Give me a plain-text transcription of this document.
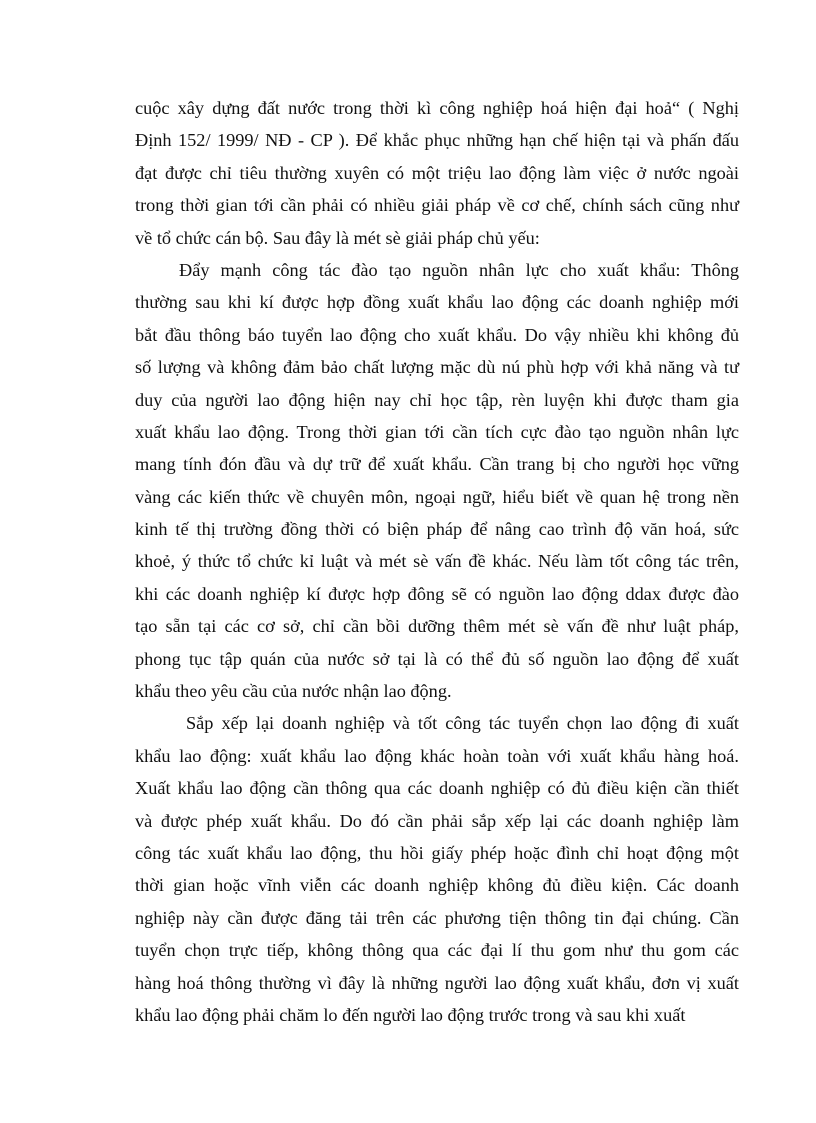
cuộc xây dựng đất nước trong thời kì công nghiệp hoá hiện đại hoả“ ( Nghị
Định 152/ 1999/ NĐ - CP ). Để khắc phục những hạn chế hiện tại và phấn đấu
đạt được chỉ tiêu thường xuyên có một triệu lao động làm việc ở nước ngoài
trong thời gian tới cần phải có nhiều giải pháp về cơ chế, chính sách cũng như
về tổ chức cán bộ. Sau đây là mét sè giải pháp chủ yếu:
Đẩy mạnh công tác đào tạo nguồn nhân lực cho xuất khẩu: Thông
thường sau khi kí được hợp đồng xuất khẩu lao động các doanh nghiệp mới
bắt đầu thông báo tuyển lao động cho xuất khẩu. Do vậy nhiều khi không đủ
số lượng và không đảm bảo chất lượng mặc dù nú phù hợp với khả năng và tư
duy của người lao động hiện nay chỉ học tập, rèn luyện khi được tham gia
xuất khẩu lao động. Trong thời gian tới cần tích cực đào tạo nguồn nhân lực
mang tính đón đầu và dự trữ để xuất khẩu. Cần trang bị cho người học vững
vàng các kiến thức về chuyên môn, ngoại ngữ, hiểu biết về quan hệ trong nền
kinh tế thị trường đồng thời có biện pháp để nâng cao trình độ văn hoá, sức
khoẻ, ý thức tổ chức kỉ luật và mét sè vấn đề khác. Nếu làm tốt công tác trên,
khi các doanh nghiệp kí được hợp đông sẽ có nguồn lao động ddax được đào
tạo sẵn tại các cơ sở, chỉ cần bồi dưỡng thêm mét sè vấn đề như luật pháp,
phong tục tập quán của nước sở tại là có thể đủ số nguồn lao động để xuất
khẩu theo yêu cầu của nước nhận lao động.
Sắp xếp lại doanh nghiệp và tốt công tác tuyển chọn lao động đi xuất
khẩu lao động: xuất khẩu lao động khác hoàn toàn với xuất khẩu hàng hoá.
Xuất khẩu lao động cần thông qua các doanh nghiệp có đủ điều kiện cần thiết
và được phép xuất khẩu. Do đó cần phải sắp xếp lại các doanh nghiệp làm
công tác xuất khẩu lao động, thu hồi giấy phép hoặc đình chỉ hoạt động một
thời gian hoặc vĩnh viễn các doanh nghiệp không đủ điều kiện. Các doanh
nghiệp này cần được đăng tải trên các phương tiện thông tin đại chúng. Cần
tuyển chọn trực tiếp, không thông qua các đại lí thu gom như thu gom các
hàng hoá thông thường vì đây là những người lao động xuất khẩu, đơn vị xuất
khẩu lao động phải chăm lo đến người lao động trước trong và sau khi xuất
